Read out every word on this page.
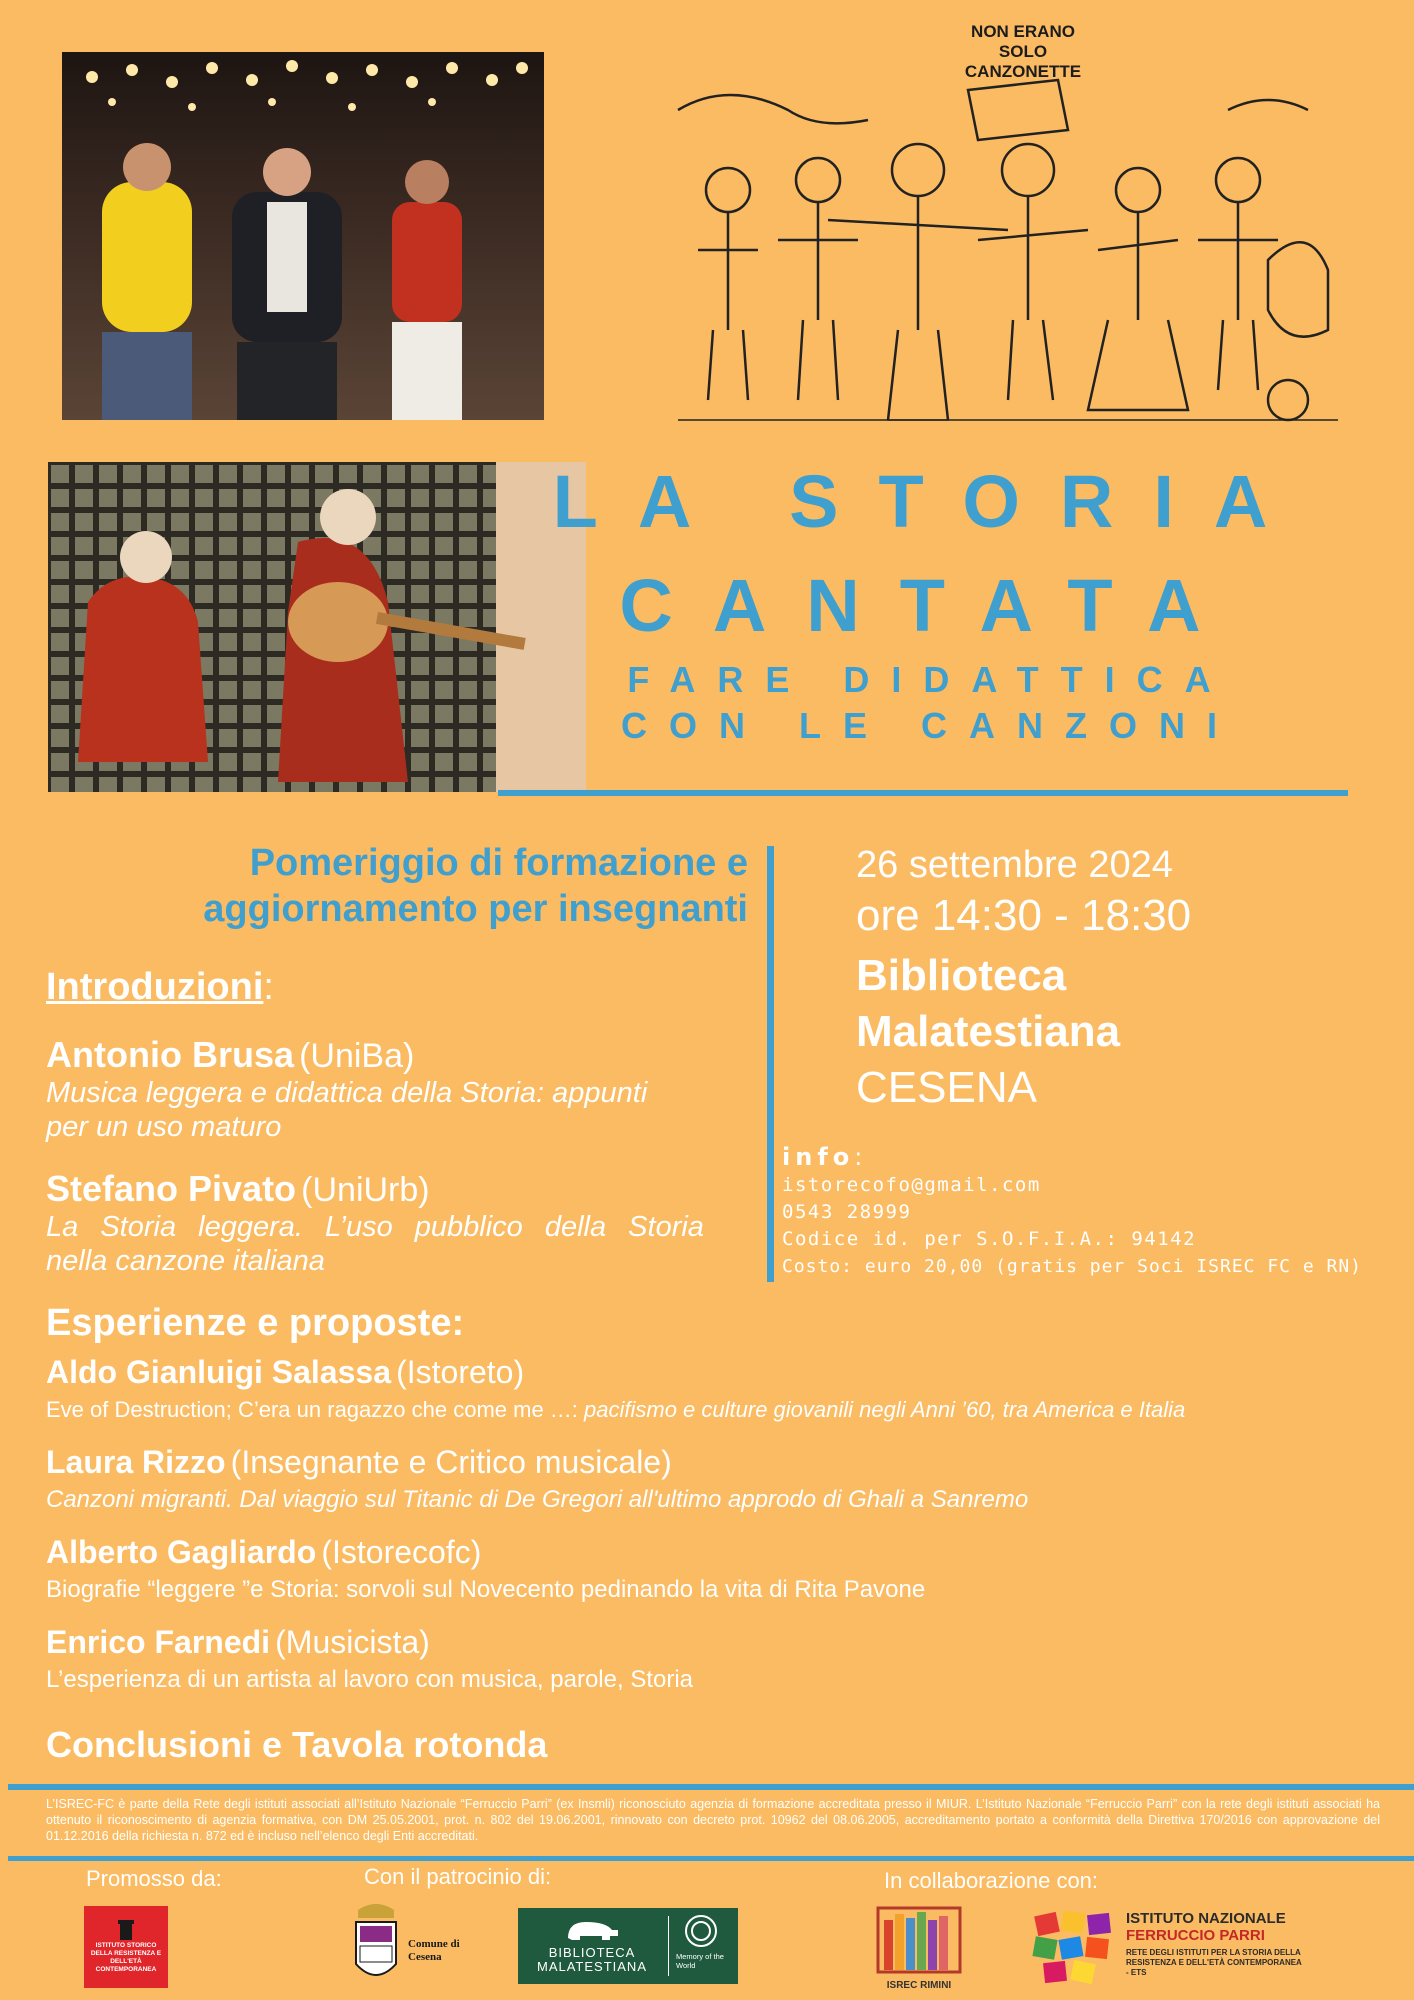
NON ERANO SOLO CANZONETTE
LA STORIA
CANTATA
FARE DIDATTICA
CON LE CANZONI
Pomeriggio di formazione e
aggiornamento per insegnanti
Introduzioni:
Antonio Brusa (UniBa)
Musica leggera e didattica della Storia: appunti
per un uso maturo
Stefano Pivato (UniUrb)
La Storia leggera. L’uso pubblico della Storia
nella canzone italiana
26 settembre 2024
ore 14:30 - 18:30
Biblioteca
Malatestiana
CESENA
info:
istorecofo@gmail.com
0543 28999
Codice id. per S.O.F.I.A.: 94142
Costo: euro 20,00 (gratis per Soci ISREC FC e RN)
Esperienze e proposte:
Aldo Gianluigi Salassa (Istoreto)
Eve of Destruction; C’era un ragazzo che come me …: pacifismo e culture giovanili negli Anni ’60, tra America e Italia
Laura Rizzo (Insegnante e Critico musicale)
Canzoni migranti. Dal viaggio sul Titanic di De Gregori all'ultimo approdo di Ghali a Sanremo
Alberto Gagliardo (Istorecofc)
Biografie “leggere ”e Storia: sorvoli sul Novecento pedinando la vita di Rita Pavone
Enrico Farnedi (Musicista)
L’esperienza di un artista al lavoro con musica, parole, Storia
Conclusioni e Tavola rotonda
L’ISREC-FC è parte della Rete degli istituti associati all’Istituto Nazionale “Ferruccio Parri” (ex Insmli) riconosciuto agenzia di formazione accreditata presso il MIUR. L’Istituto Nazionale “Ferruccio Parri” con la rete degli istituti associati ha ottenuto il riconoscimento di agenzia formativa, con DM 25.05.2001, prot. n. 802 del 19.06.2001, rinnovato con decreto prot. 10962 del 08.06.2005, accreditamento portato a conformità della Direttiva 170/2016 con approvazione del 01.12.2016 della richiesta n. 872 ed è incluso nell’elenco degli Enti accreditati.
Promosso da:	Con il patrocinio di:	In collaborazione con:
ISTITUTO STORICO DELLA RESISTENZA E DELL'ETÀ CONTEMPORANEA
Comune di Cesena	BIBLIOTECA MALATESTIANA
Memory of the World
ISREC RIMINI
ISTITUTO NAZIONALE
FERRUCCIO PARRI
RETE DEGLI ISTITUTI PER LA STORIA DELLA RESISTENZA E DELL'ETÀ CONTEMPORANEA - ETS
